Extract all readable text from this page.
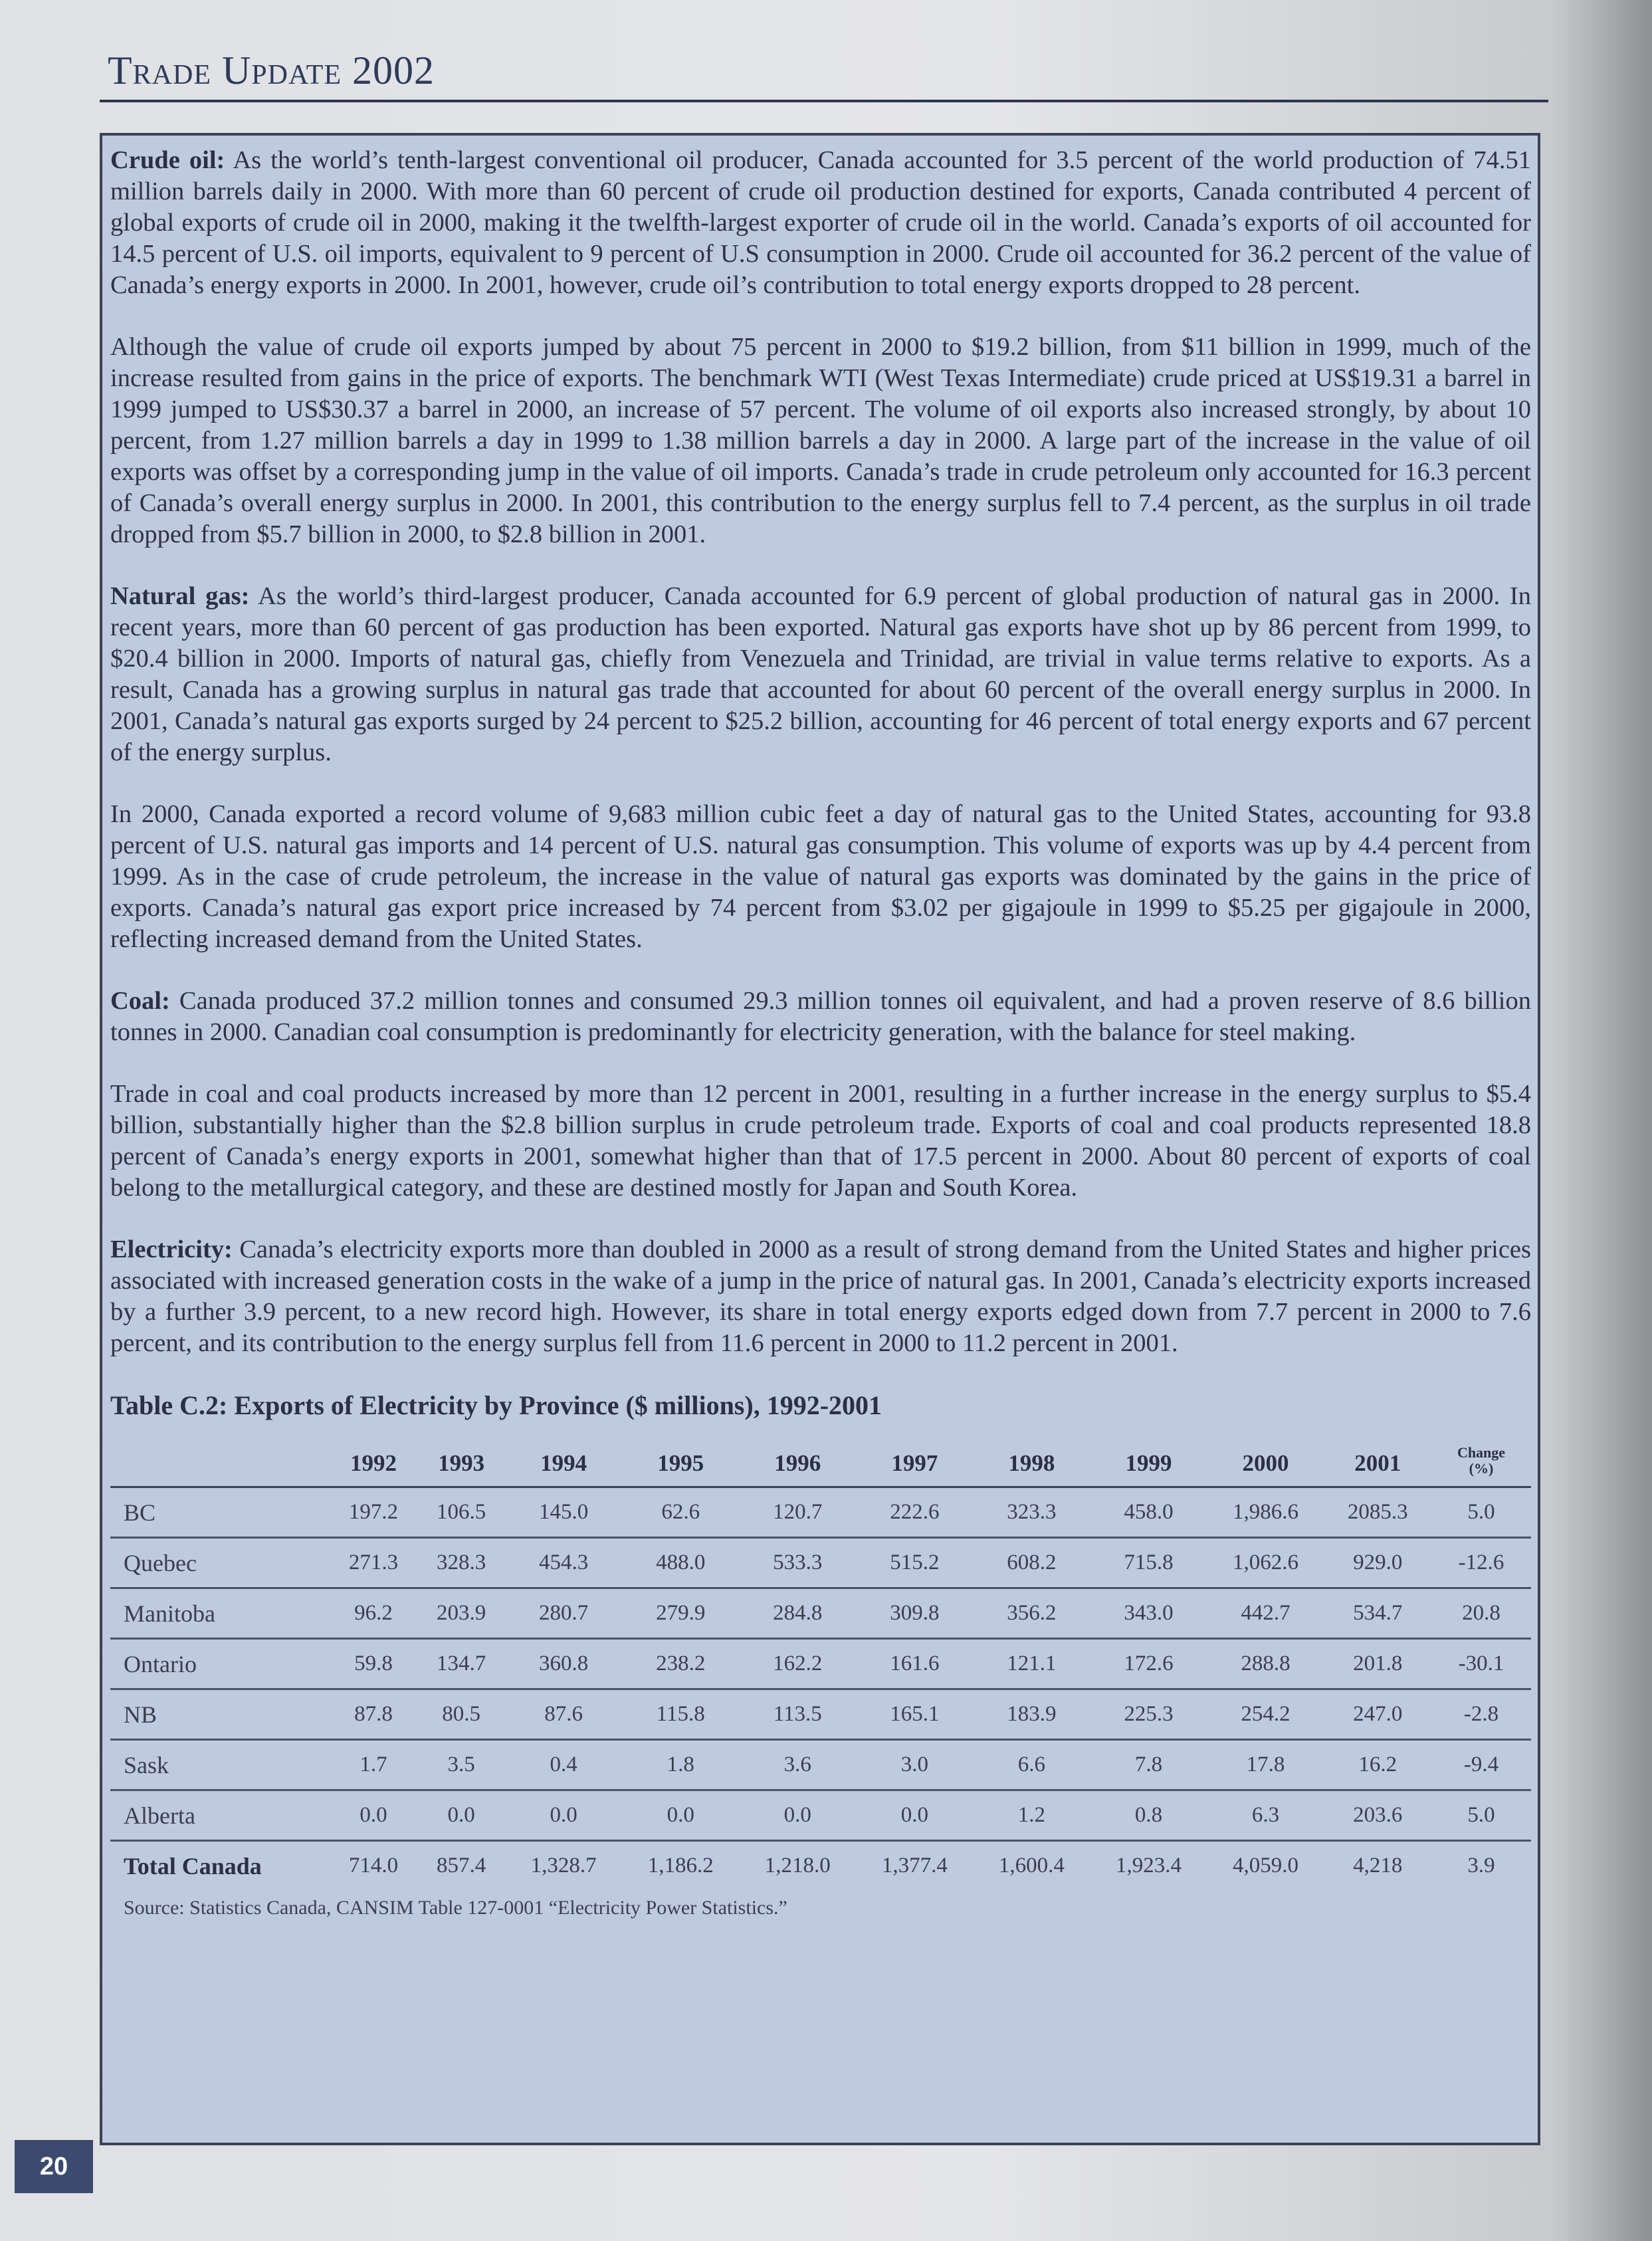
Trade Update 2002

Crude oil: As the world’s tenth-largest conventional oil producer, Canada accounted for 3.5 percent of the world production of 74.51 million barrels daily in 2000. With more than 60 percent of crude oil production destined for exports, Canada contributed 4 percent of global exports of crude oil in 2000, making it the twelfth-largest exporter of crude oil in the world. Canada’s exports of oil accounted for 14.5 percent of U.S. oil imports, equivalent to 9 percent of U.S consumption in 2000. Crude oil accounted for 36.2 percent of the value of Canada’s energy exports in 2000. In 2001, however, crude oil’s contribution to total energy exports dropped to 28 percent.

Although the value of crude oil exports jumped by about 75 percent in 2000 to $19.2 billion, from $11 billion in 1999, much of the increase resulted from gains in the price of exports. The benchmark WTI (West Texas Intermediate) crude priced at US$19.31 a barrel in 1999 jumped to US$30.37 a barrel in 2000, an increase of 57 percent. The volume of oil exports also increased strongly, by about 10 percent, from 1.27 million barrels a day in 1999 to 1.38 million barrels a day in 2000. A large part of the increase in the value of oil exports was offset by a corresponding jump in the value of oil imports. Canada’s trade in crude petroleum only accounted for 16.3 percent of Canada’s overall energy surplus in 2000. In 2001, this contribution to the energy surplus fell to 7.4 percent, as the surplus in oil trade dropped from $5.7 billion in 2000, to $2.8 billion in 2001.

Natural gas: As the world’s third-largest producer, Canada accounted for 6.9 percent of global production of natural gas in 2000. In recent years, more than 60 percent of gas production has been exported. Natural gas exports have shot up by 86 percent from 1999, to $20.4 billion in 2000. Imports of natural gas, chiefly from Venezuela and Trinidad, are trivial in value terms relative to exports. As a result, Canada has a growing surplus in natural gas trade that accounted for about 60 percent of the overall energy surplus in 2000. In 2001, Canada’s natural gas exports surged by 24 percent to $25.2 billion, accounting for 46 percent of total energy exports and 67 percent of the energy surplus.

In 2000, Canada exported a record volume of 9,683 million cubic feet a day of natural gas to the United States, accounting for 93.8 percent of U.S. natural gas imports and 14 percent of U.S. natural gas consumption. This volume of exports was up by 4.4 percent from 1999. As in the case of crude petroleum, the increase in the value of natural gas exports was dominated by the gains in the price of exports. Canada’s natural gas export price increased by 74 percent from $3.02 per gigajoule in 1999 to $5.25 per gigajoule in 2000, reflecting increased demand from the United States.

Coal: Canada produced 37.2 million tonnes and consumed 29.3 million tonnes oil equivalent, and had a proven reserve of 8.6 billion tonnes in 2000. Canadian coal consumption is predominantly for electricity generation, with the balance for steel making.

Trade in coal and coal products increased by more than 12 percent in 2001, resulting in a further increase in the energy surplus to $5.4 billion, substantially higher than the $2.8 billion surplus in crude petroleum trade. Exports of coal and coal products represented 18.8 percent of Canada’s energy exports in 2001, somewhat higher than that of 17.5 percent in 2000. About 80 percent of exports of coal belong to the metallurgical category, and these are destined mostly for Japan and South Korea.

Electricity: Canada’s electricity exports more than doubled in 2000 as a result of strong demand from the United States and higher prices associated with increased generation costs in the wake of a jump in the price of natural gas. In 2001, Canada’s electricity exports increased by a further 3.9 percent, to a new record high. However, its share in total energy exports edged down from 7.7 percent in 2000 to 7.6 percent, and its contribution to the energy surplus fell from 11.6 percent in 2000 to 11.2 percent in 2001.

Table C.2: Exports of Electricity by Province ($ millions), 1992-2001
	1992	1993	1994	1995	1996	1997	1998	1999	2000	2001	Change
(%)

BC	197.2	106.5	145.0	62.6	120.7	222.6	323.3	458.0	1,986.6	2085.3	5.0
Quebec	271.3	328.3	454.3	488.0	533.3	515.2	608.2	715.8	1,062.6	929.0	-12.6
Manitoba	96.2	203.9	280.7	279.9	284.8	309.8	356.2	343.0	442.7	534.7	20.8
Ontario	59.8	134.7	360.8	238.2	162.2	161.6	121.1	172.6	288.8	201.8	-30.1
NB	87.8	80.5	87.6	115.8	113.5	165.1	183.9	225.3	254.2	247.0	-2.8
Sask	1.7	3.5	0.4	1.8	3.6	3.0	6.6	7.8	17.8	16.2	-9.4
Alberta	0.0	0.0	0.0	0.0	0.0	0.0	1.2	0.8	6.3	203.6	5.0
Total Canada	714.0	857.4	1,328.7	1,186.2	1,218.0	1,377.4	1,600.4	1,923.4	4,059.0	4,218	3.9
Source: Statistics Canada, CANSIM Table 127-0001 “Electricity Power Statistics.”
20
